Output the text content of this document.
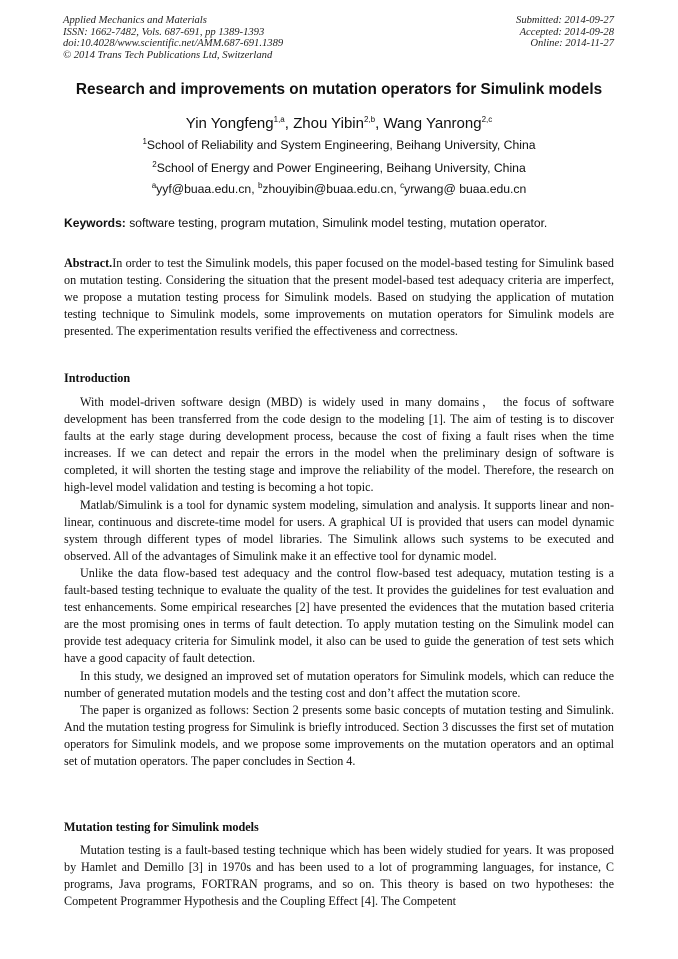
Applied Mechanics and Materials
ISSN: 1662-7482, Vols. 687-691, pp 1389-1393
doi:10.4028/www.scientific.net/AMM.687-691.1389
© 2014 Trans Tech Publications Ltd, Switzerland
Submitted: 2014-09-27
Accepted: 2014-09-28
Online: 2014-11-27
Research and improvements on mutation operators for Simulink models
Yin Yongfeng$^{1,a}$, Zhou Yibin$^{2,b}$, Wang Yanrong$^{2,c}$
$^1$School of Reliability and System Engineering, Beihang University, China
$^2$School of Energy and Power Engineering, Beihang University, China
$^a$yyf@buaa.edu.cn, $^b$zhouyibin@buaa.edu.cn, $^c$yrwang@ buaa.edu.cn
Keywords: software testing, program mutation, Simulink model testing, mutation operator.

Abstract.In order to test the Simulink models, this paper focused on the model-based testing for Simulink based on mutation testing. Considering the situation that the present model-based test adequacy criteria are imperfect, we propose a mutation testing process for Simulink models. Based on studying the application of mutation testing technique to Simulink models, some improvements on mutation operators for Simulink models are presented. The experimentation results verified the effectiveness and correctness.

Introduction

With model-driven software design (MBD) is widely used in many domains， the focus of software development has been transferred from the code design to the modeling [1]. The aim of testing is to discover faults at the early stage during development process, because the cost of fixing a fault rises when the time increases. If we can detect and repair the errors in the model when the preliminary design of software is completed, it will shorten the testing stage and improve the reliability of the model. Therefore, the research on high-level model validation and testing is becoming a hot topic.

Matlab/Simulink is a tool for dynamic system modeling, simulation and analysis. It supports linear and non-linear, continuous and discrete-time model for users. A graphical UI is provided that users can model dynamic system through different types of model libraries. The Simulink allows such systems to be executed and observed. All of the advantages of Simulink make it an effective tool for dynamic model.

Unlike the data flow-based test adequacy and the control flow-based test adequacy, mutation testing is a fault-based testing technique to evaluate the quality of the test. It provides the guidelines for test evaluation and test enhancements. Some empirical researches [2] have presented the evidences that the mutation based criteria are the most promising ones in terms of fault detection. To apply mutation testing on the Simulink model can provide test adequacy criteria for Simulink model, it also can be used to guide the generation of test sets which have a good capacity of fault detection.

In this study, we designed an improved set of mutation operators for Simulink models, which can reduce the number of generated mutation models and the testing cost and don’t affect the mutation score.

The paper is organized as follows: Section 2 presents some basic concepts of mutation testing and Simulink. And the mutation testing progress for Simulink is briefly introduced. Section 3 discusses the first set of mutation operators for Simulink models, and we propose some improvements on the mutation operators and an optimal set of mutation operators. The paper concludes in Section 4.

Mutation testing for Simulink models

Mutation testing is a fault-based testing technique which has been widely studied for years. It was proposed by Hamlet and Demillo [3] in 1970s and has been used to a lot of programming languages, for instance, C programs, Java programs, FORTRAN programs, and so on. This theory is based on two hypotheses: the Competent Programmer Hypothesis and the Coupling Effect [4]. The Competent
